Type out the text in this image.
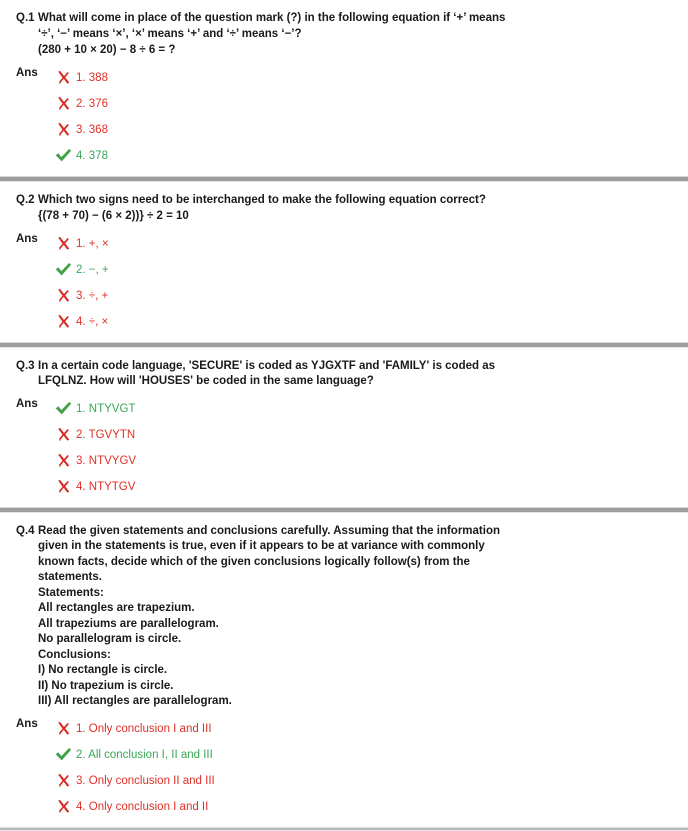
Q.1 What will come in place of the question mark (?) in the following equation if ‘+’ means
‘÷’, ‘−’ means ‘×’, ‘×’ means ‘+’ and ‘÷’ means ‘−’?
(280 + 10 × 20) − 8 ÷ 6 = ?
Ans	1. 388
2. 376
3. 368
4. 378
Q.2 Which two signs need to be interchanged to make the following equation correct?
{(78 + 70) − (6 × 2))} ÷ 2 = 10
Ans	1. +, ×
2. −, +
3. ÷, +
4. ÷, ×
Q.3 In a certain code language, 'SECURE' is coded as YJGXTF and 'FAMILY' is coded as
LFQLNZ. How will 'HOUSES' be coded in the same language?
Ans	1. NTYVGT
2. TGVYTN
3. NTVYGV
4. NTYTGV
Q.4 Read the given statements and conclusions carefully. Assuming that the information
given in the statements is true, even if it appears to be at variance with commonly
known facts, decide which of the given conclusions logically follow(s) from the
statements.
Statements:
All rectangles are trapezium.
All trapeziums are parallelogram.
No parallelogram is circle.
Conclusions:
I) No rectangle is circle.
II) No trapezium is circle.
III) All rectangles are parallelogram.
Ans	1. Only conclusion I and III
2. All conclusion I, II and III
3. Only conclusion II and III
4. Only conclusion I and II
